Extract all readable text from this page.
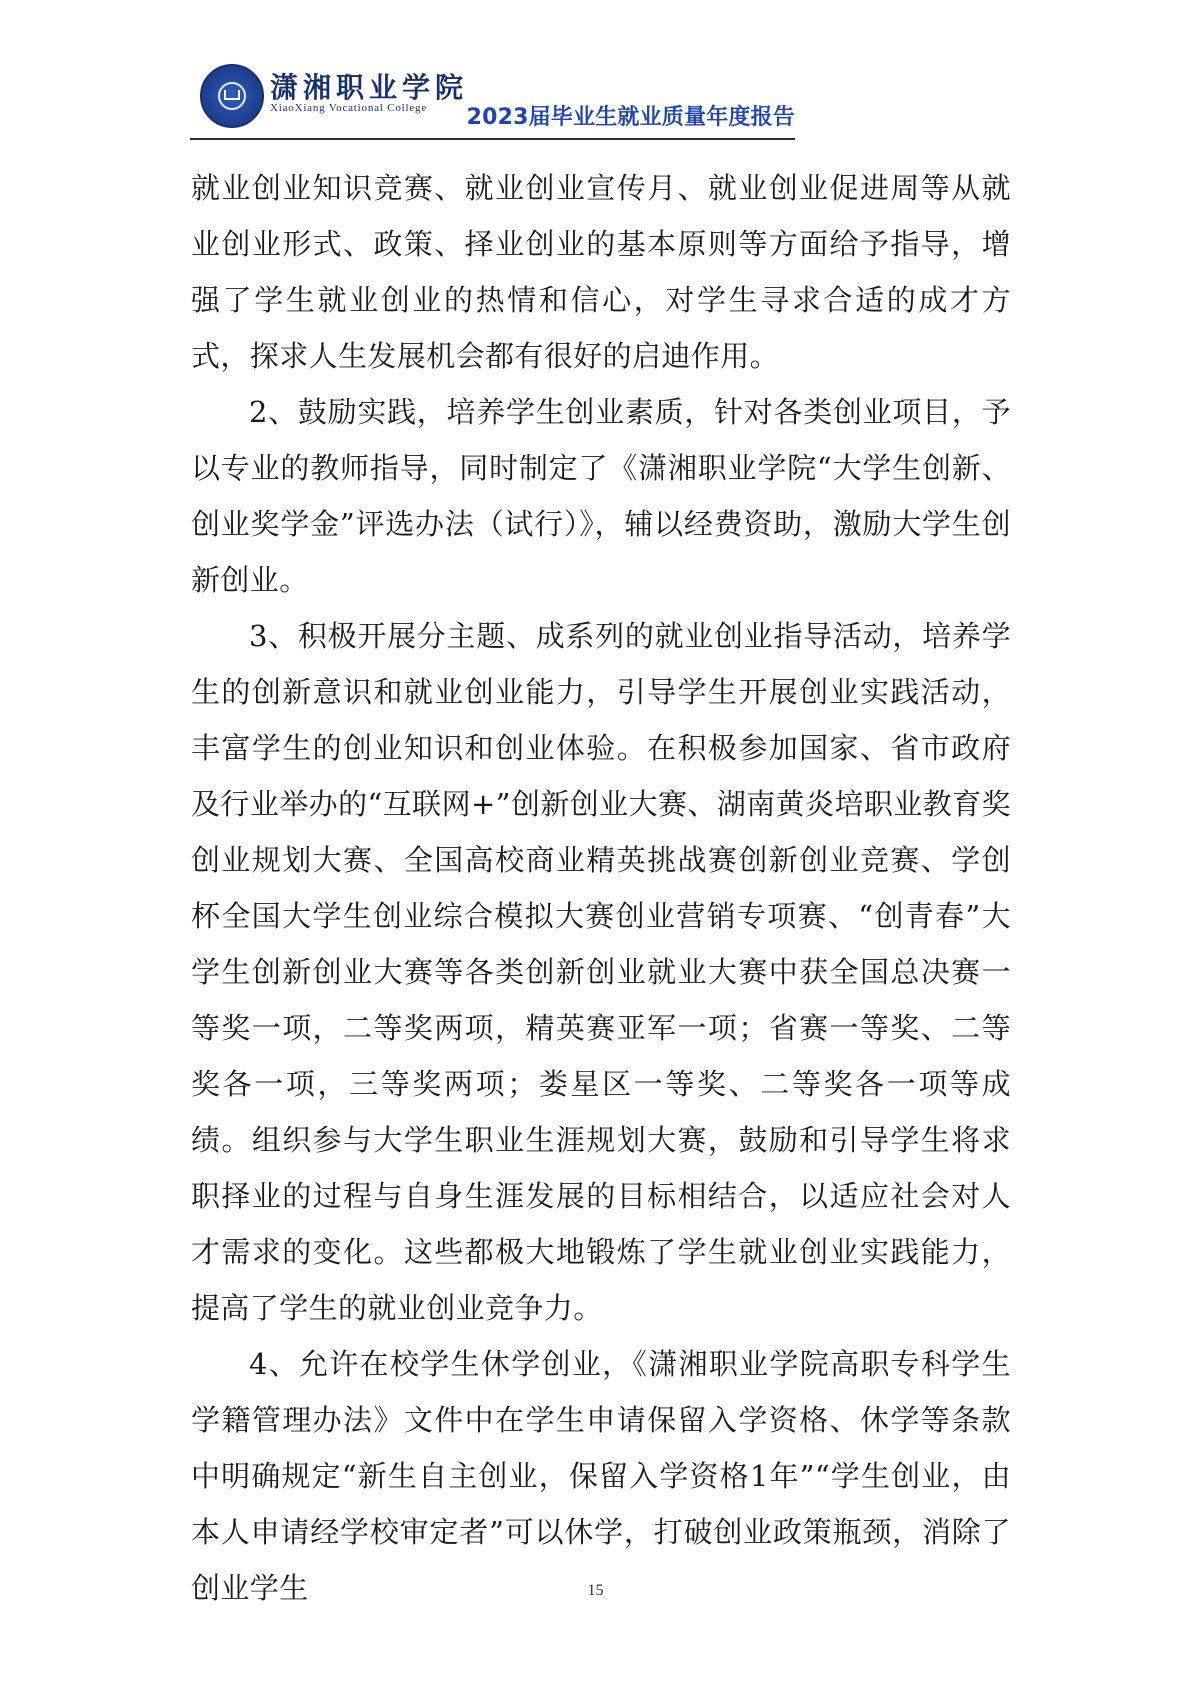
潇湘职业学院
XiaoXiang Vocational College 2023届毕业生就业质量年度报告

就业创业知识竞赛、就业创业宣传月、就业创业促进周等从就业创业形式、政策、择业创业的基本原则等方面给予指导，增强了学生就业创业的热情和信心，对学生寻求合适的成才方式，探求人生发展机会都有很好的启迪作用。

2、鼓励实践，培养学生创业素质，针对各类创业项目，予以专业的教师指导，同时制定了《潇湘职业学院“大学生创新、创业奖学金”评选办法（试行）》，辅以经费资助，激励大学生创新创业。

3、积极开展分主题、成系列的就业创业指导活动，培养学生的创新意识和就业创业能力，引导学生开展创业实践活动，丰富学生的创业知识和创业体验。在积极参加国家、省市政府及行业举办的“互联网+”创新创业大赛、湖南黄炎培职业教育奖创业规划大赛、全国高校商业精英挑战赛创新创业竞赛、学创杯全国大学生创业综合模拟大赛创业营销专项赛、“创青春”大学生创新创业大赛等各类创新创业就业大赛中获全国总决赛一等奖一项，二等奖两项，精英赛亚军一项；省赛一等奖、二等奖各一项，三等奖两项；娄星区一等奖、二等奖各一项等成绩。组织参与大学生职业生涯规划大赛，鼓励和引导学生将求职择业的过程与自身生涯发展的目标相结合，以适应社会对人才需求的变化。这些都极大地锻炼了学生就业创业实践能力，提高了学生的就业创业竞争力。

4、允许在校学生休学创业，《潇湘职业学院高职专科学生学籍管理办法》文件中在学生申请保留入学资格、休学等条款中明确规定“新生自主创业，保留入学资格1年”“学生创业，由本人申请经学校审定者”可以休学，打破创业政策瓶颈，消除了创业学生	15
